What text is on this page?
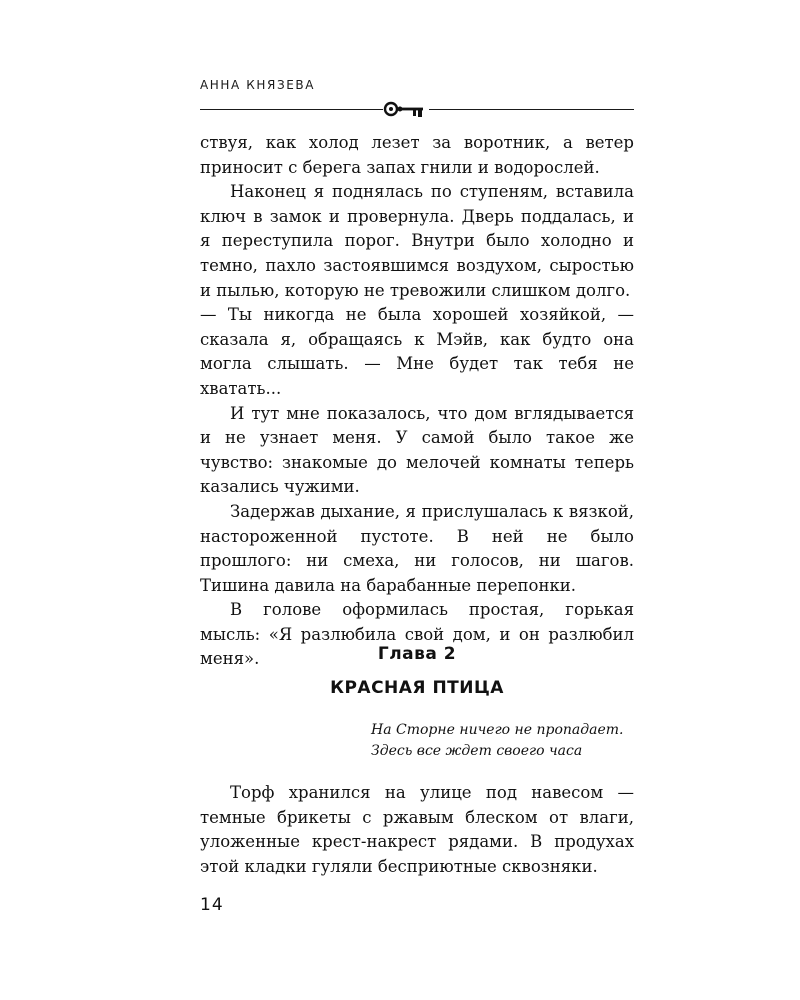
АННА КНЯЗЕВА

ствуя, как холод лезет за воротник, а ветер приносит с берега запах гнили и водорослей.

Наконец я поднялась по ступеням, вставила ключ в замок и провернула. Дверь поддалась, и я переступила порог. Внутри было холодно и темно, пахло застоявшимся воздухом, сыростью и пылью, которую не тревожили слишком долго.

— Ты никогда не была хорошей хозяйкой, — сказала я, обращаясь к Мэйв, как будто она могла слышать. — Мне будет так тебя не хватать...

И тут мне показалось, что дом вглядывается и не узнает меня. У самой было такое же чувство: знакомые до мелочей комнаты теперь казались чужими.

Задержав дыхание, я прислушалась к вязкой, настороженной пустоте. В ней не было прошлого: ни смеха, ни голосов, ни шагов. Тишина давила на барабанные перепонки.

В голове оформилась простая, горькая мысль: «Я разлюбила свой дом, и он разлюбил меня».	Глава 2
КРАСНАЯ ПТИЦА
На Сторне ничего не пропадает.
Здесь все ждет своего часа

Торф хранился на улице под навесом — темные брикеты с ржавым блеском от влаги, уложенные крест-накрест рядами. В продухах этой кладки гуляли бесприютные сквозняки.

14
